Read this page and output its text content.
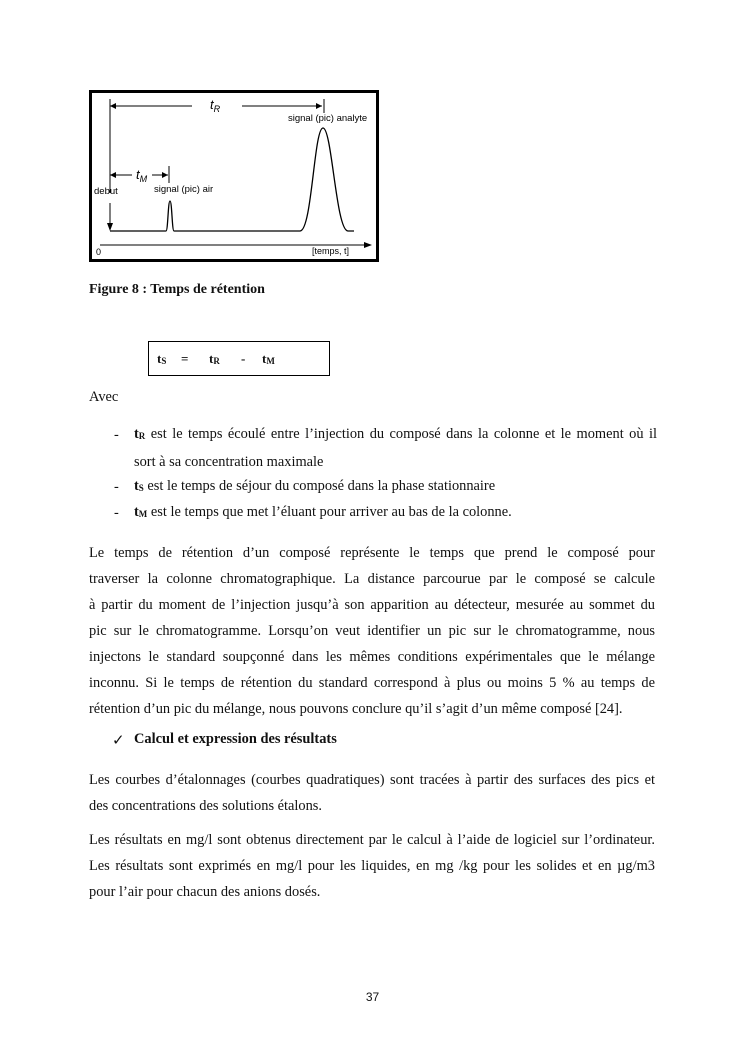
$t_R$
$t_M$
debut	signal (pic) air
signal (pic) analyte
0	[temps, t]
Figure 8 : Temps de rétention
$t_S = t_R - t_M$
Avec
- $t_R$ est le temps écoulé entre l’injection du composé dans la colonne et le moment où il
sort à sa concentration maximale
- $t_S$ est le temps de séjour du composé dans la phase stationnaire
- $t_M$ est le temps que met l’éluant pour arriver au bas de la colonne.
Le temps de rétention d’un composé représente le temps que prend le composé pour
traverser la colonne chromatographique. La distance parcourue par le composé se calcule
à partir du moment de l’injection jusqu’à son apparition au détecteur, mesurée au sommet du
pic sur le chromatogramme. Lorsqu’on veut identifier un pic sur le chromatogramme, nous
injectons le standard soupçonné dans les mêmes conditions expérimentales que le mélange
inconnu. Si le temps de rétention du standard correspond à plus ou moins 5 % au temps de
rétention d’un pic du mélange, nous pouvons conclure qu’il s’agit d’un même composé [24].
✓ Calcul et expression des résultats
Les courbes d’étalonnages (courbes quadratiques) sont tracées à partir des surfaces des pics et
des concentrations des solutions étalons.
Les résultats en mg/l sont obtenus directement par le calcul à l’aide de logiciel sur l’ordinateur.
Les résultats sont exprimés en mg/l pour les liquides, en mg /kg pour les solides et en µg/m3
pour l’air pour chacun des anions dosés.
37
